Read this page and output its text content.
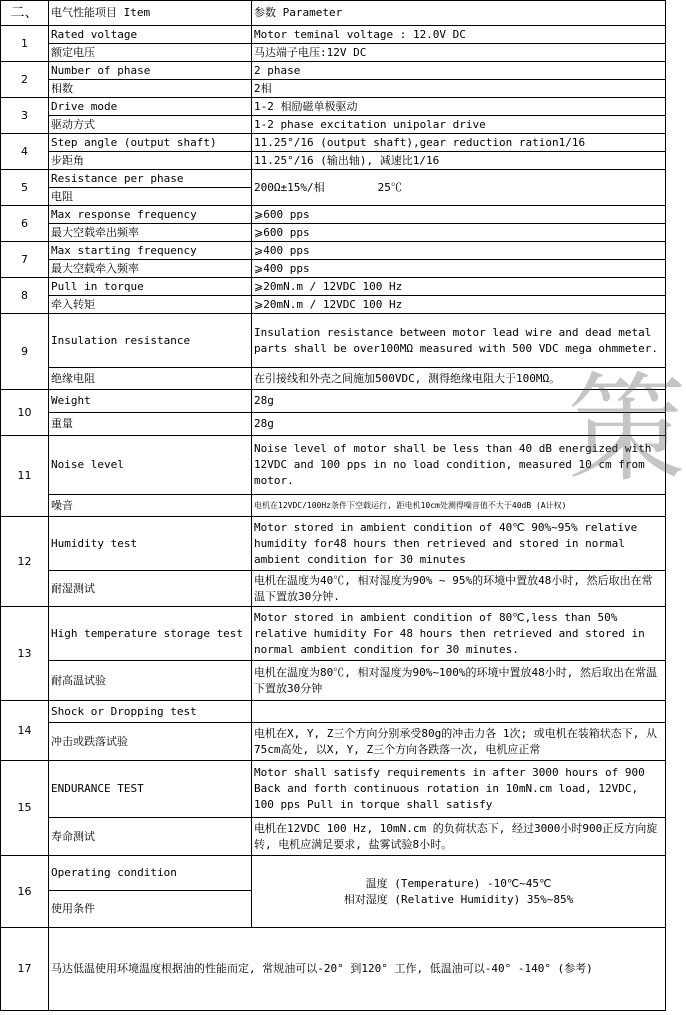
二、	电气性能项目 Item	参数 Parameter
1	Rated voltage	Motor teminal voltage : 12.0V DC
	额定电压	马达端子电压:12V DC
2	Number of phase	2 phase
	相数	2相
3	Drive mode	1-2 相励磁单极驱动
	驱动方式	1-2 phase excitation unipolar drive
4	Step angle (output shaft)	11.25°/16 (output shaft),gear reduction ration1/16
	步距角	11.25°/16 (输出轴), 减速比1/16
5	Resistance per phase	200Ω±15%/相        25℃
	电阻	
6	Max response frequency	⩾600 pps
	最大空载牵出频率	⩾600 pps
7	Max starting frequency	⩾400 pps
	最大空载牵入频率	⩾400 pps
8	Pull in torque	⩾20mN.m / 12VDC 100 Hz
	牵入转矩	⩾20mN.m / 12VDC 100 Hz
9	Insulation resistance	Insulation resistance between motor lead wire and dead metal parts shall be over100MΩ measured with 500 VDC mega ohmmeter.
	绝缘电阻	在引接线和外壳之间施加500VDC, 测得绝缘电阻大于100MΩ。
10	Weight	28g
	重量	28g
11	Noise level	Noise level of motor shall be less than 40 dB energized with 12VDC and 100 pps in no load condition, measured 10 cm from motor.
	噪音	电机在12VDC/100Hz条件下空载运行, 距电机10cm处测得噪音值不大于40dB (A计权)
12	Humidity test	Motor stored in ambient condition of 40℃ 90%~95% relative humidity for48 hours then retrieved and stored in normal ambient condition for 30 minutes
	耐湿测试	电机在温度为40℃, 相对湿度为90% ~ 95%的环境中置放48小时, 然后取出在常温下置放30分钟.
13	High temperature storage test	Motor stored in ambient condition of 80℃,less than 50% relative humidity For 48 hours then retrieved and stored in normal ambient condition for 30 minutes.
	耐高温试验	电机在温度为80℃, 相对湿度为90%~100%的环境中置放48小时, 然后取出在常温下置放30分钟
14	Shock or Dropping test	
	冲击或跌落试验	电机在X, Y, Z三个方向分别承受80g的冲击力各 1次; 或电机在装箱状态下, 从75cm高处, 以X, Y, Z三个方向各跌落一次, 电机应正常
15	ENDURANCE TEST	Motor shall satisfy requirements in after 3000 hours of 900 Back and forth continuous rotation in 10mN.cm load, 12VDC, 100 pps Pull in torque shall satisfy
	寿命测试	电机在12VDC 100 Hz, 10mN.cm 的负荷状态下, 经过3000小时900正反方向旋转, 电机应满足要求, 盐雾试验8小时。
16	Operating condition	温度 (Temperature) -10℃~45℃
相对湿度 (Relative Humidity) 35%~85%

	使用条件	
17	马达低温使用环境温度根据油的性能而定, 常规油可以-20° 到120° 工作, 低温油可以-40° -140° (参考)	
策
